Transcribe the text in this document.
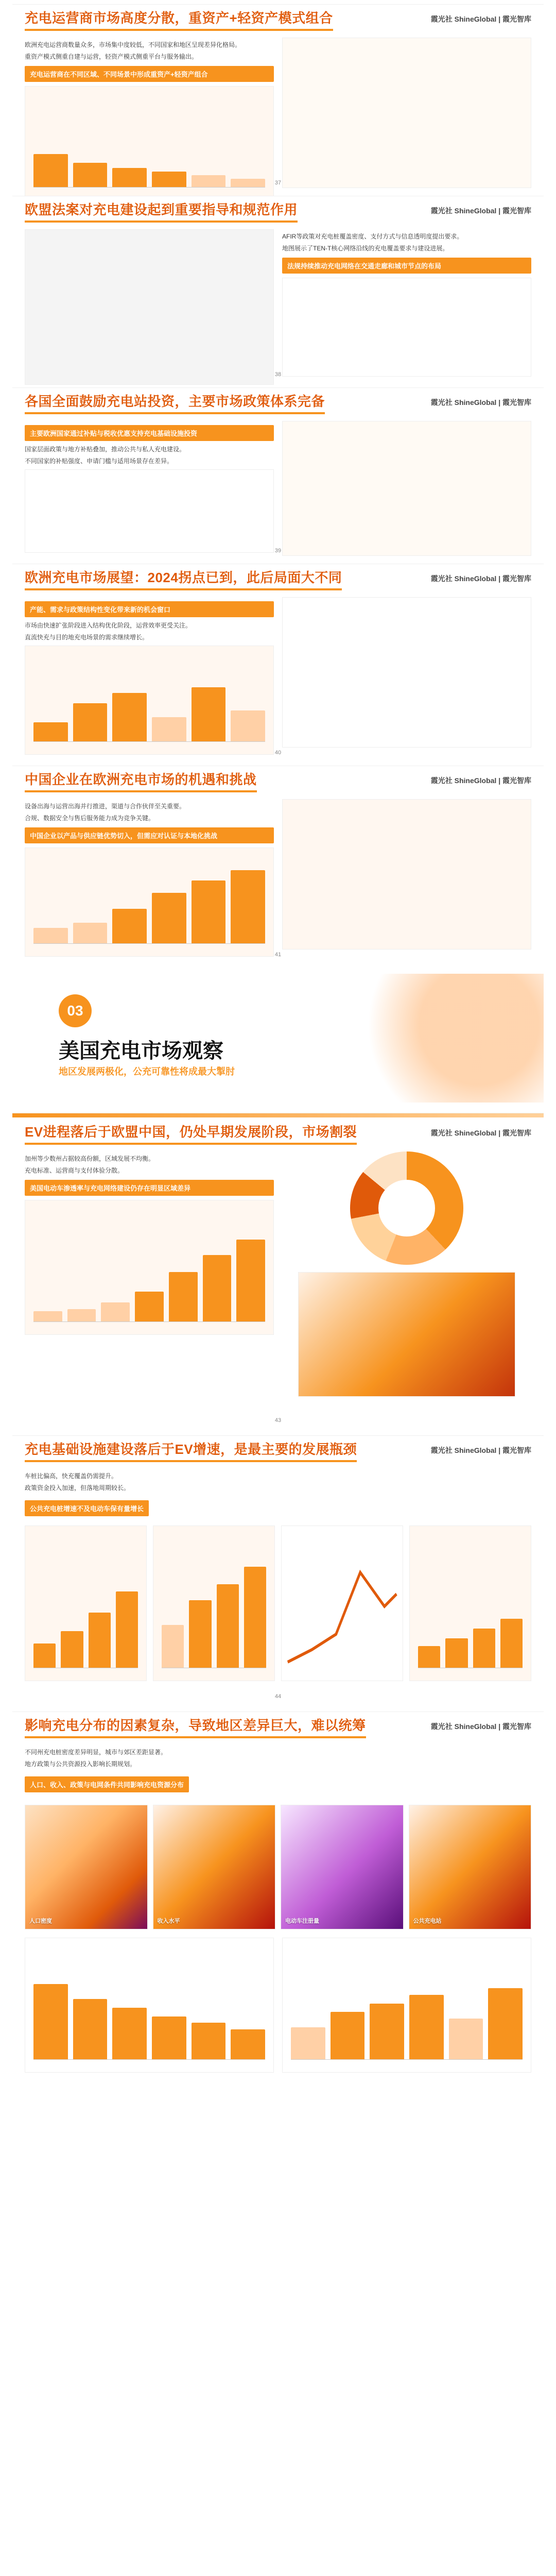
充电运营商市场高度分散，重资产+轻资产模式组合	霞光社 ShineGlobal | 霞光智库
欧洲充电运营商数量众多，市场集中度较低，不同国家和地区呈现差异化格局。
重资产模式侧重自建与运营，轻资产模式侧重平台与服务输出。
充电运营商在不同区域、不同场景中形成重资产+轻资产组合
37
欧盟法案对充电建设起到重要指导和规范作用	霞光社 ShineGlobal | 霞光智库
AFIR等政策对充电桩覆盖密度、支付方式与信息透明度提出要求。
地图展示了TEN-T核心网络沿线的充电覆盖要求与建设进展。
法规持续推动充电网络在交通走廊和城市节点的布局
38
各国全面鼓励充电站投资，主要市场政策体系完备	霞光社 ShineGlobal | 霞光智库
主要欧洲国家通过补贴与税收优惠支持充电基础设施投资
国家层面政策与地方补贴叠加，推动公共与私人充电建设。
不同国家的补贴强度、申请门槛与适用场景存在差异。
39
欧洲充电市场展望：2024拐点已到，此后局面大不同	霞光社 ShineGlobal | 霞光智库
产能、需求与政策结构性变化带来新的机会窗口
市场由快速扩张阶段进入结构优化阶段，运营效率更受关注。
直流快充与目的地充电场景的需求继续增长。
40
中国企业在欧洲充电市场的机遇和挑战	霞光社 ShineGlobal | 霞光智库
设备出海与运营出海并行推进，渠道与合作伙伴至关重要。
合规、数据安全与售后服务能力成为竞争关键。
中国企业以产品与供应链优势切入，但需应对认证与本地化挑战
41
03
美国充电市场观察
地区发展两极化，公充可靠性将成最大掣肘
EV进程落后于欧盟中国，仍处早期发展阶段，市场割裂	霞光社 ShineGlobal | 霞光智库
加州等少数州占据较高份额，区域发展不均衡。
充电标准、运营商与支付体验分散。
美国电动车渗透率与充电网络建设仍存在明显区域差异
43
充电基础设施建设落后于EV增速，是最主要的发展瓶颈	霞光社 ShineGlobal | 霞光智库
车桩比偏高，快充覆盖仍需提升。
政策资金投入加速，但落地周期较长。
公共充电桩增速不及电动车保有量增长
44
影响充电分布的因素复杂，导致地区差异巨大，难以统筹	霞光社 ShineGlobal | 霞光智库
不同州充电桩密度差异明显，城市与郊区差距显著。
地方政策与公共资源投入影响长期规划。
人口、收入、政策与电网条件共同影响充电资源分布
人口密度	收入水平	电动车注册量	公共充电站
